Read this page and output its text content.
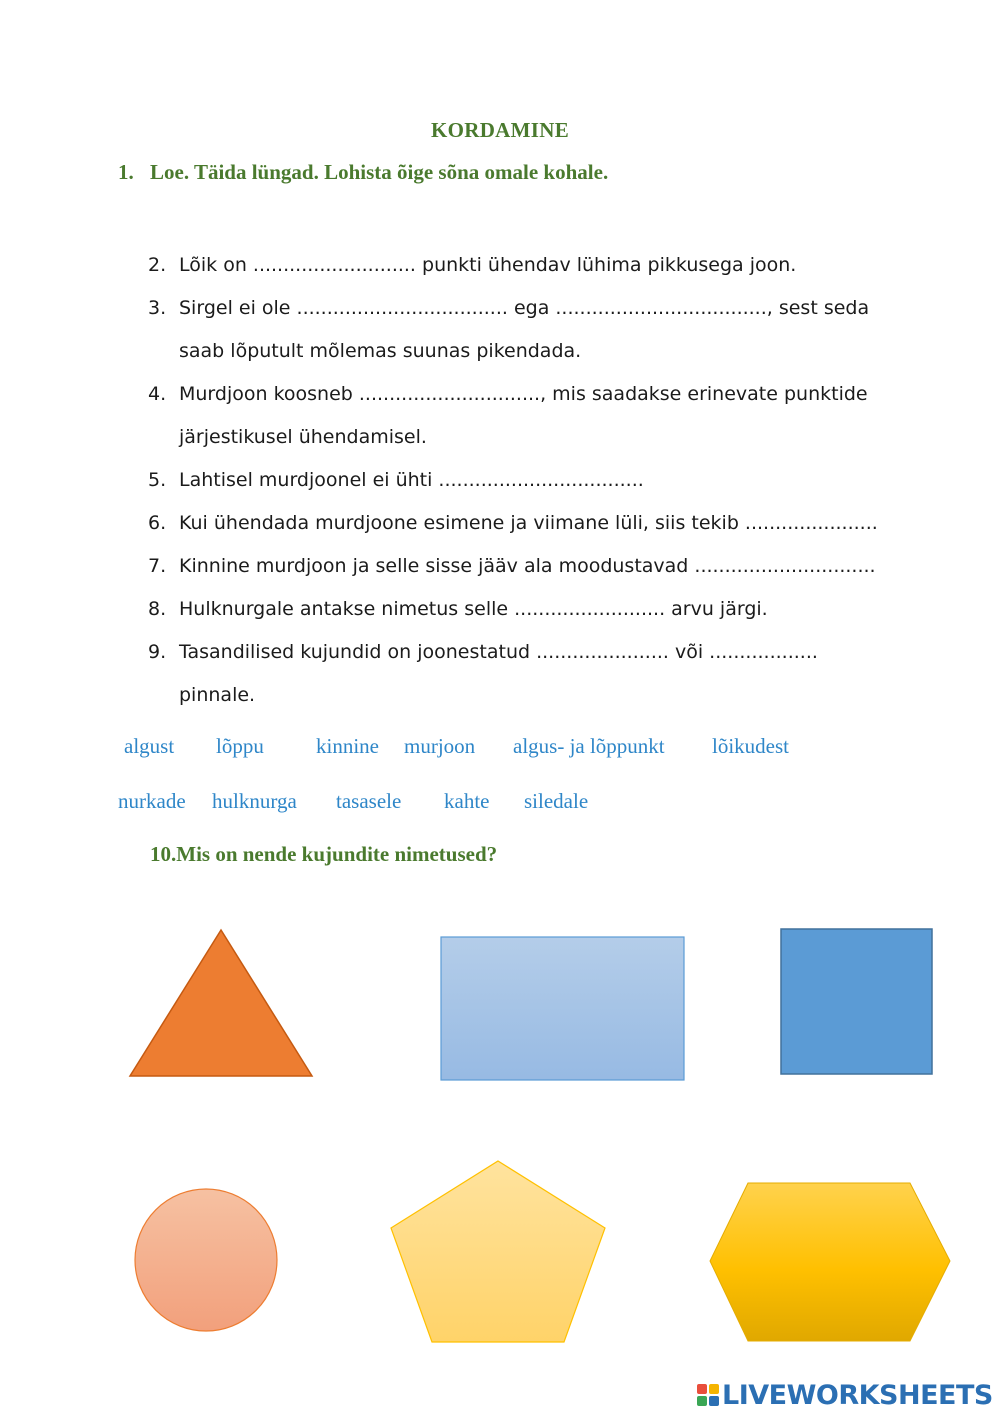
KORDAMINE
1. Loe. Täida lüngad. Lohista õige sõna omale kohale.
2. Lõik on ........................... punkti ühendav lühima pikkusega joon.
3. Sirgel ei ole ................................... ega ..................................., sest seda
saab lõputult mõlemas suunas pikendada.
4. Murdjoon koosneb .............................., mis saadakse erinevate punktide
järjestikusel ühendamisel.
5. Lahtisel murdjoonel ei ühti ..................................
6. Kui ühendada murdjoone esimene ja viimane lüli, siis tekib ......................
7. Kinnine murdjoon ja selle sisse jääv ala moodustavad ..............................
8. Hulknurgale antakse nimetus selle ......................... arvu järgi.
9. Tasandilised kujundid on joonestatud ...................... või ..................
pinnale.
algust lõppu kinnine murjoon algus- ja lõppunkt lõikudest
nurkade hulknurga tasasele kahte siledale
10.Mis on nende kujundite nimetused?
LIVEWORKSHEETS
